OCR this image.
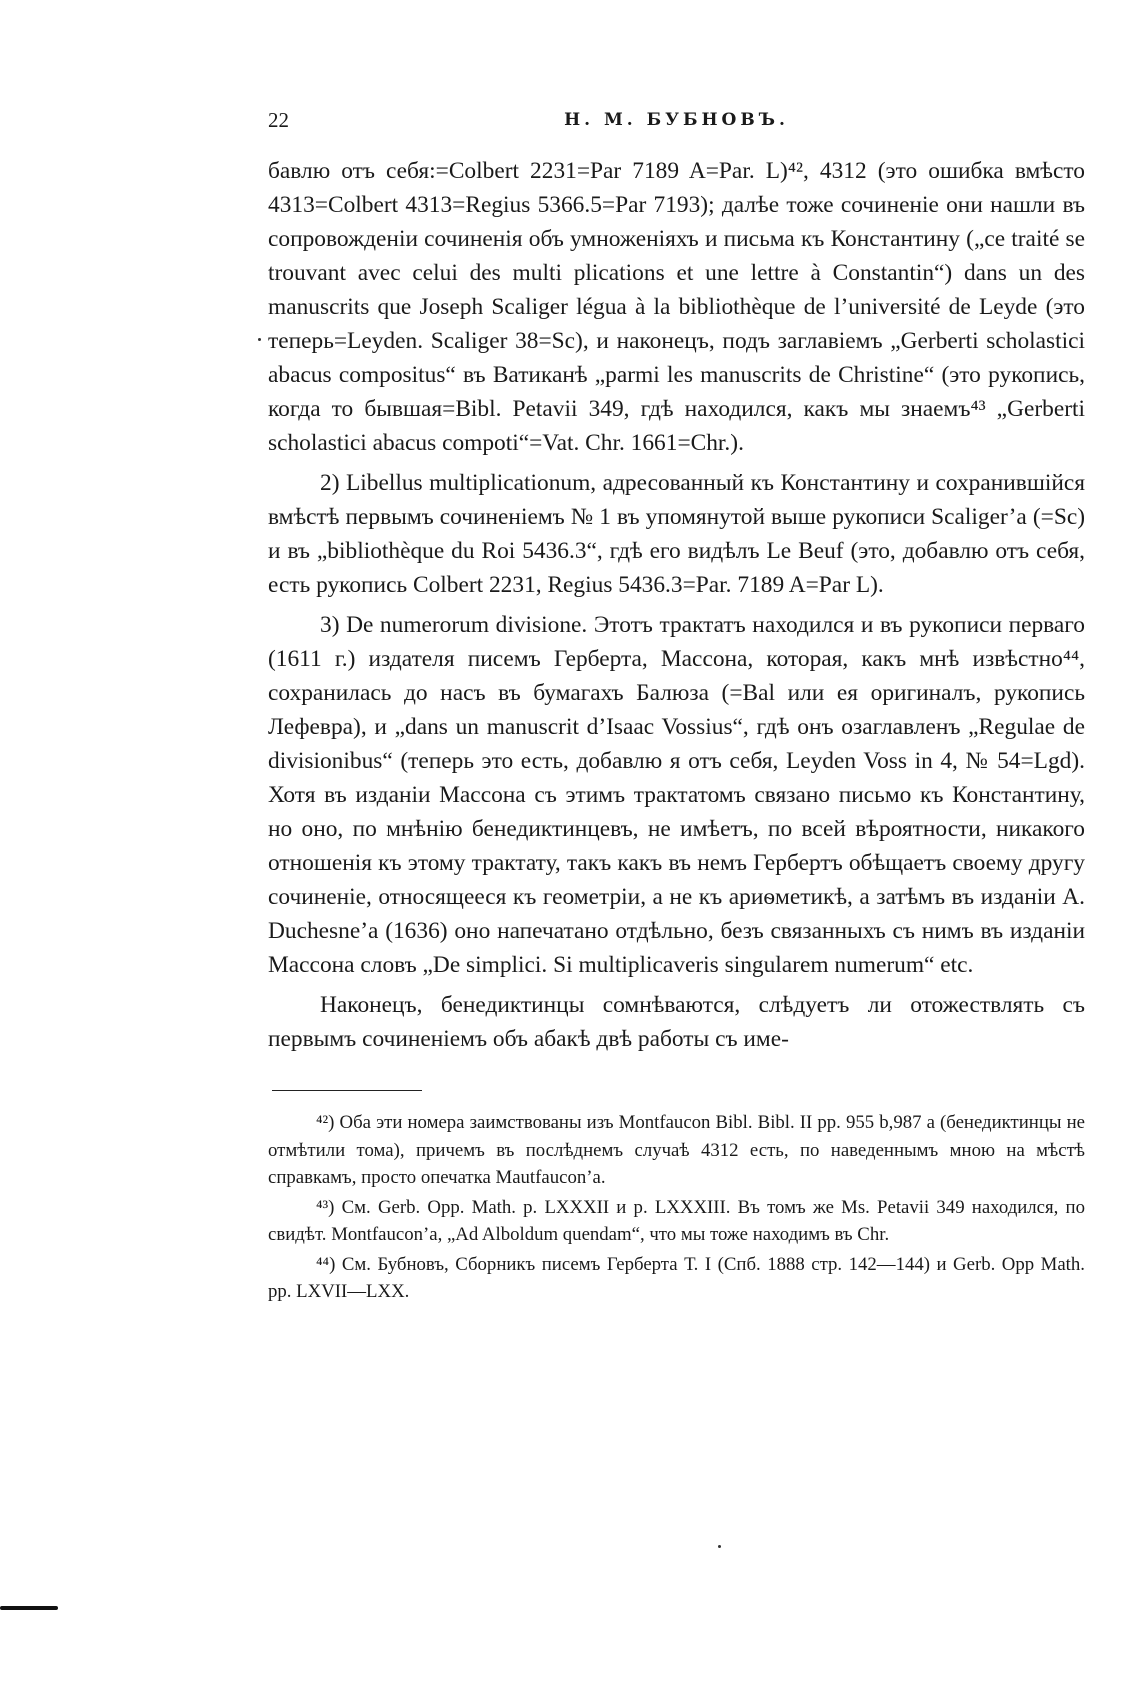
22	Н. М. БУБНОВЪ.

бавлю отъ себя:=Colbert 2231=Par 7189 A=Par. L)⁴², 4312 (это ошибка вмѣсто 4313=Colbert 4313=Regius 5366.5=Par 7193); далѣе тоже сочиненіе они нашли въ сопровожденіи сочиненія объ умноженіяхъ и письма къ Константину („ce traité se trouvant avec celui des multi plications et une lettre à Constantin“) dans un des manuscrits que Joseph Scaliger légua à la bibliothèque de l’université de Leyde (это теперь=Leyden. Scaliger 38=Sc), и наконецъ, подъ заглавіемъ „Gerberti scholastici abacus compositus“ въ Ватиканѣ „parmi les manuscrits de Christine“ (это рукопись, когда то бывшая=Bibl. Petavii 349, гдѣ находился, какъ мы знаемъ⁴³ „Gerberti scholastici abacus compoti“=Vat. Chr. 1661=Chr.).

2) Libellus multiplicationum, адресованный къ Константину и сохранившійся вмѣстѣ первымъ сочиненіемъ № 1 въ упомянутой выше рукописи Scaliger’а (=Sc) и въ „bibliothèque du Roi 5436.3“, гдѣ его видѣлъ Le Beuf (это, добавлю отъ себя, есть рукопись Colbert 2231, Regius 5436.3=Par. 7189 A=Par L).

3) De numerorum divisione. Этотъ трактатъ находился и въ рукописи перваго (1611 г.) издателя писемъ Герберта, Массона, которая, какъ мнѣ извѣстно⁴⁴, сохранилась до насъ въ бумагахъ Балюза (=Bal или ея оригиналъ, рукопись Лефевра), и „dans un manuscrit d’Isaac Vossius“, гдѣ онъ озаглавленъ „Regulae de divisionibus“ (теперь это есть, добавлю я отъ себя, Leyden Voss in 4, № 54=Lgd). Хотя въ изданіи Массона съ этимъ трактатомъ связано письмо къ Константину, но оно, по мнѣнію бенедиктинцевъ, не имѣетъ, по всей вѣроятности, никакого отношенія къ этому трактату, такъ какъ въ немъ Гербертъ обѣщаетъ своему другу сочиненіе, относящееся къ геометріи, а не къ ариѳметикѣ, а затѣмъ въ изданіи A. Duchesne’a (1636) оно напечатано отдѣльно, безъ связанныхъ съ нимъ въ изданіи Массона словъ „De simplici. Si multiplicaveris singularem numerum“ etc.

Наконецъ, бенедиктинцы сомнѣваются, слѣдуетъ ли отожествлять съ первымъ сочиненіемъ объ абакѣ двѣ работы съ име-

⁴²) Оба эти номера заимствованы изъ Montfaucon Bibl. Bibl. II pp. 955 b,987 a (бенедиктинцы не отмѣтили тома), причемъ въ послѣднемъ случаѣ 4312 есть, по наведеннымъ мною на мѣстѣ справкамъ, просто опечатка Mautfaucon’a.

⁴³) См. Gerb. Opp. Math. p. LXXXII и p. LXXXIII. Въ томъ же Ms. Petavii 349 находился, по свидѣт. Montfaucon’a, „Ad Alboldum quendam“, что мы тоже находимъ въ Chr.

⁴⁴) См. Бубновъ, Сборникъ писемъ Герберта Т. I (Спб. 1888 стр. 142—144) и Gerb. Opp Math. pp. LXVII—LXX.
